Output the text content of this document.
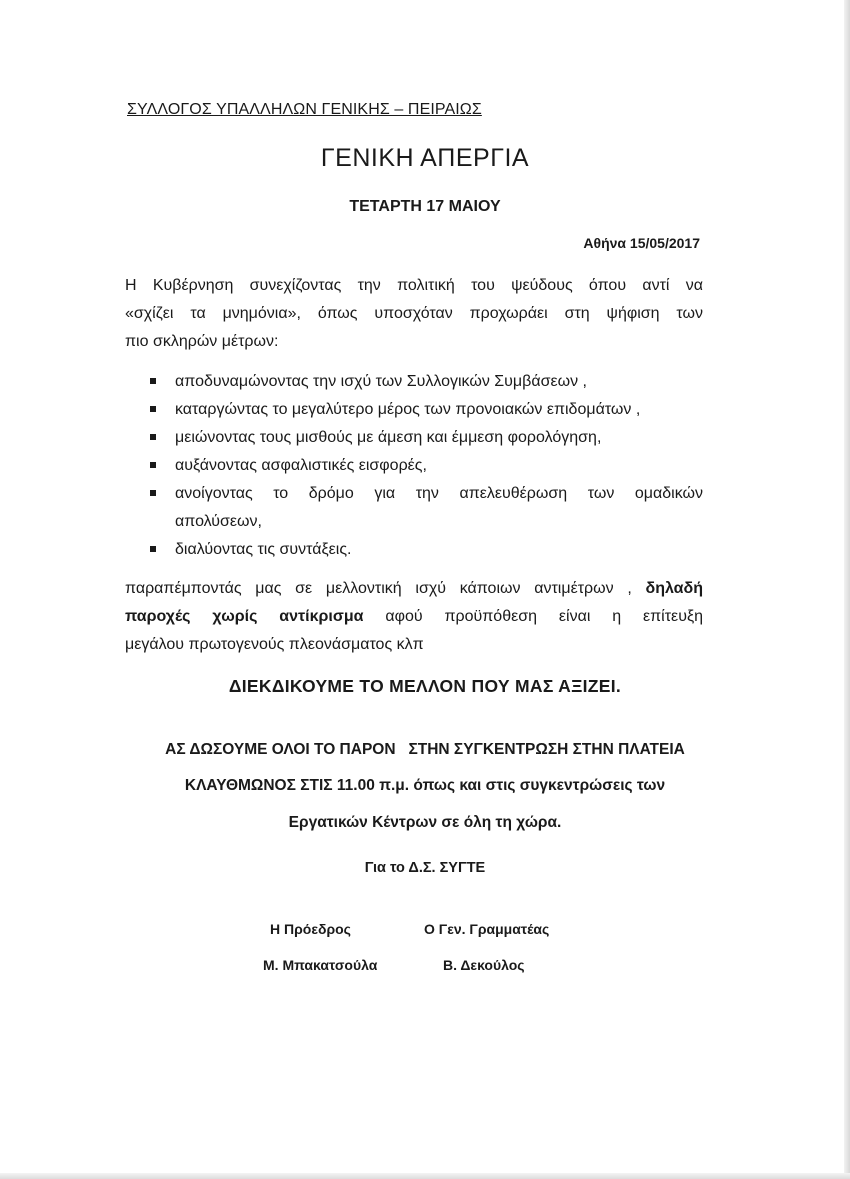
ΣΥΛΛΟΓΟΣ ΥΠΑΛΛΗΛΩΝ ΓΕΝΙΚΗΣ – ΠΕΙΡΑΙΩΣ
ΓΕΝΙΚΗ ΑΠΕΡΓΙΑ
ΤΕΤΑΡΤΗ 17 ΜΑΙΟΥ
Αθήνα 15/05/2017
Η Κυβέρνηση συνεχίζοντας την πολιτική του ψεύδους όπου αντί να
«σχίζει τα μνημόνια», όπως υποσχόταν προχωράει στη ψήφιση των
πιο σκληρών μέτρων:
αποδυναμώνοντας την ισχύ των Συλλογικών Συμβάσεων ,
καταργώντας το μεγαλύτερο μέρος των προνοιακών επιδομάτων ,
μειώνοντας τους μισθούς με άμεση και έμμεση φορολόγηση,
αυξάνοντας ασφαλιστικές εισφορές,
ανοίγοντας το δρόμο για την απελευθέρωση των ομαδικών
απολύσεων,
διαλύοντας τις συντάξεις.
παραπέμποντάς μας σε μελλοντική ισχύ κάποιων αντιμέτρων , δηλαδή
παροχές χωρίς αντίκρισμα αφού προϋπόθεση είναι η επίτευξη
μεγάλου πρωτογενούς πλεονάσματος κλπ
ΔΙΕΚΔΙΚΟΥΜΕ ΤΟ ΜΕΛΛΟΝ ΠΟΥ ΜΑΣ ΑΞΙΖΕΙ.
ΑΣ ΔΩΣΟΥΜΕ ΟΛΟΙ ΤΟ ΠΑΡΟΝ   ΣΤΗΝ ΣΥΓΚΕΝΤΡΩΣΗ ΣΤΗΝ ΠΛΑΤΕΙΑ
ΚΛΑΥΘΜΩΝΟΣ ΣΤΙΣ 11.00 π.μ. όπως και στις συγκεντρώσεις των
Εργατικών Κέντρων σε όλη τη χώρα.
Για το Δ.Σ. ΣΥΓΤΕ
Η Πρόεδρος	Ο Γεν. Γραμματέας
Μ. Μπακατσούλα	Β. Δεκούλος
